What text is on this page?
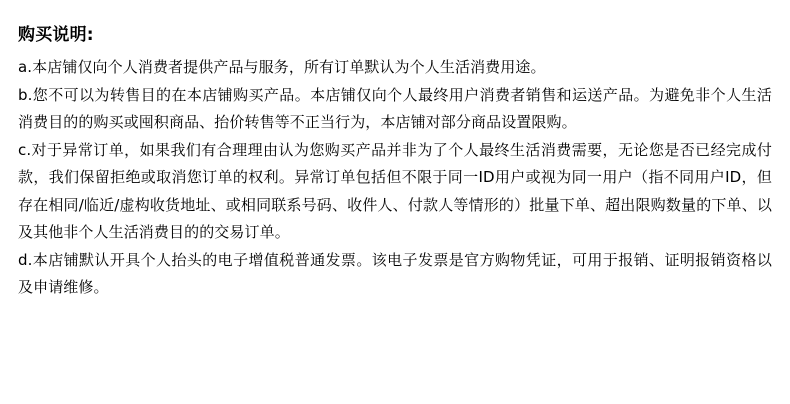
购买说明:

a.本店铺仅向个人消费者提供产品与服务，所有订单默认为个人生活消费用途。

b.您不可以为转售目的在本店铺购买产品。本店铺仅向个人最终用户消费者销售和运送产品。为避免非个人生活消费目的的购买或囤积商品、抬价转售等不正当行为，本店铺对部分商品设置限购。

c.对于异常订单，如果我们有合理理由认为您购买产品并非为了个人最终生活消费需要，无论您是否已经完成付款，我们保留拒绝或取消您订单的权利。异常订单包括但不限于同一ID用户或视为同一用户（指不同用户ID，但存在相同/临近/虚构收货地址、或相同联系号码、收件人、付款人等情形的）批量下单、超出限购数量的下单、以及其他非个人生活消费目的的交易订单。

d.本店铺默认开具个人抬头的电子增值税普通发票。该电子发票是官方购物凭证，可用于报销、证明报销资格以及申请维修。
